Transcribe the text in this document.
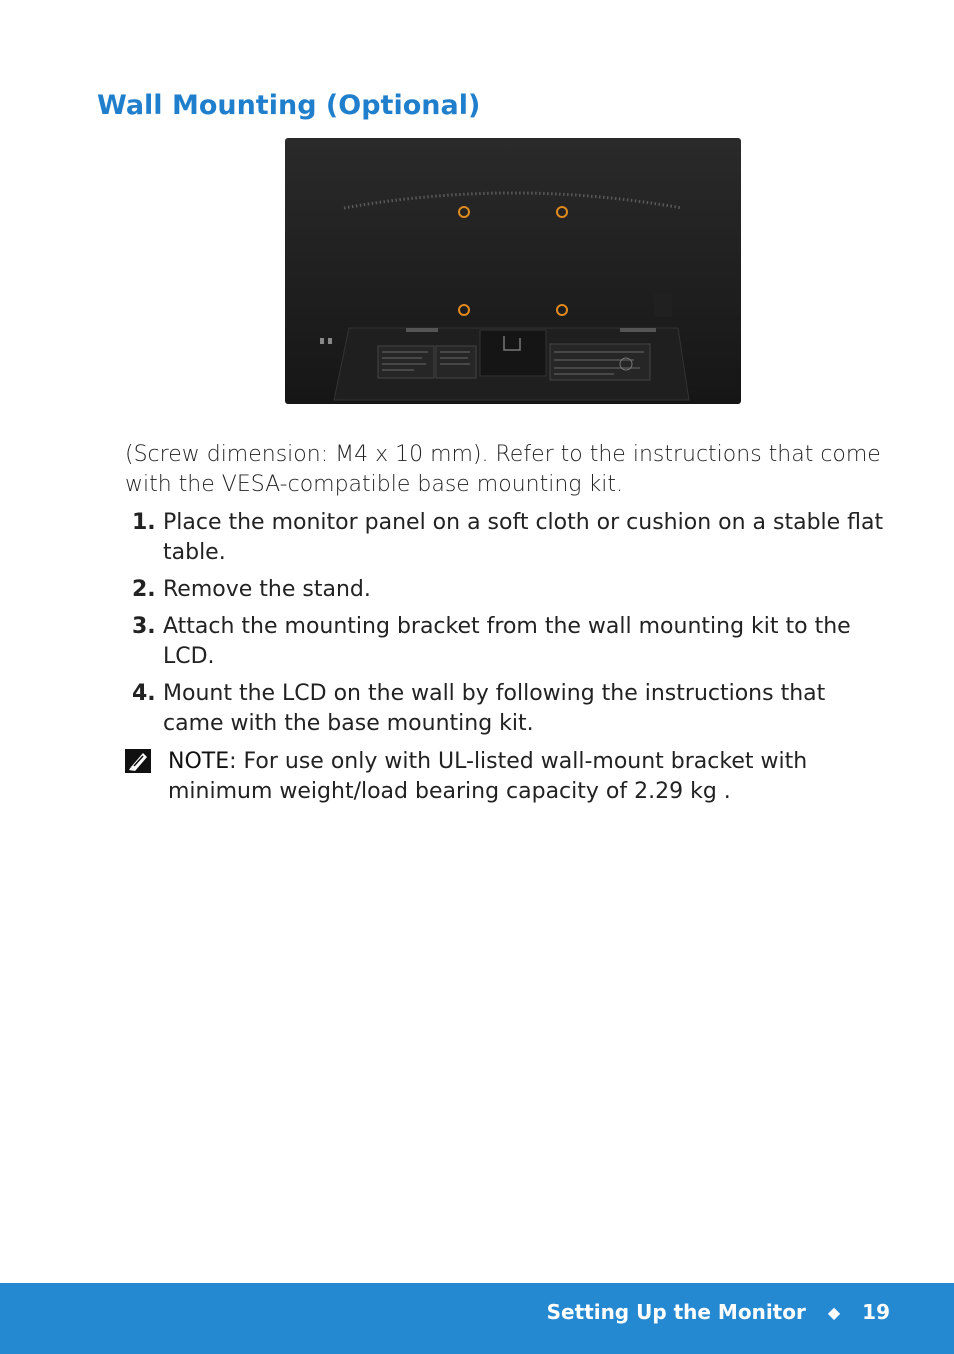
Wall Mounting (Optional)
(Screw dimension: M4 x 10 mm). Refer to the instructions that come with the VESA-compatible base mounting kit.
1. Place the monitor panel on a soft cloth or cushion on a stable flat table.
2. Remove the stand.
3. Attach the mounting bracket from the wall mounting kit to the LCD.
4. Mount the LCD on the wall by following the instructions that came with the base mounting kit.
NOTE: For use only with UL-listed wall-mount bracket with minimum weight/load bearing capacity of 2.29 kg .
Setting Up the Monitor ◆ 19
